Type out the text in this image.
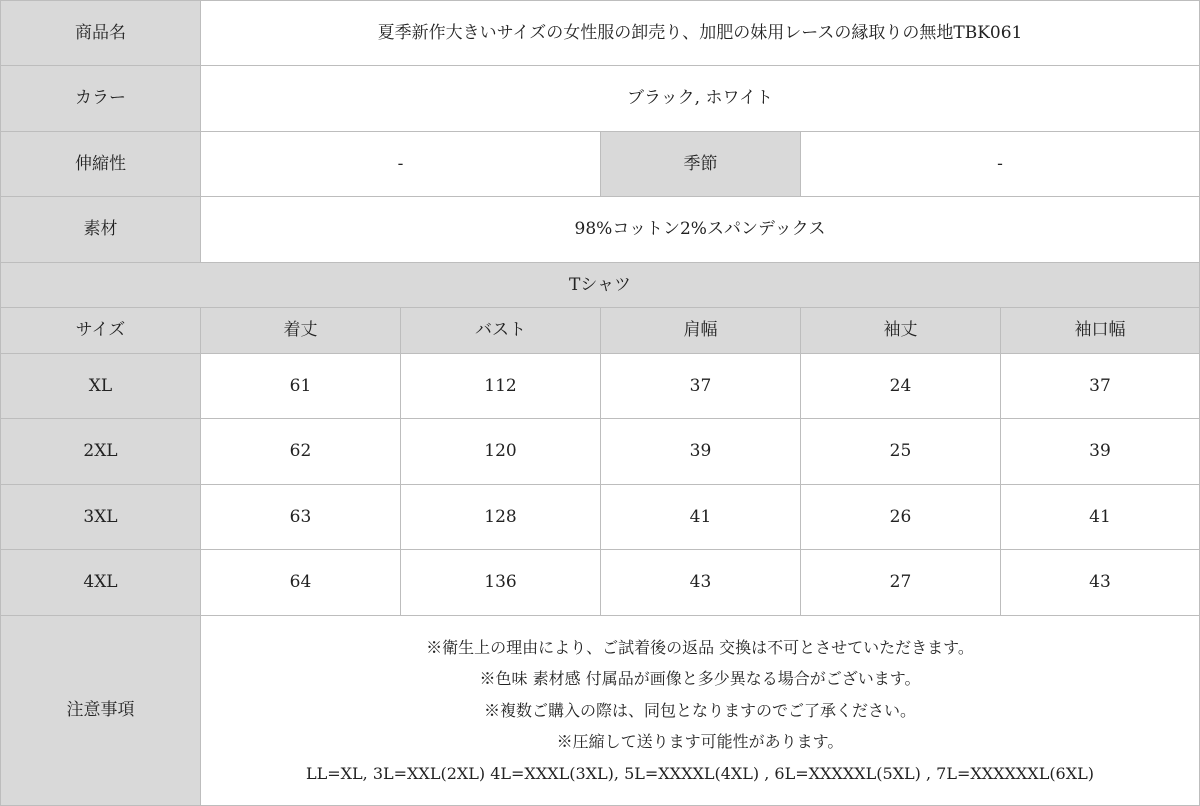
商品名	夏季新作大きいサイズの女性服の卸売り、加肥の妹用レースの縁取りの無地TBK061
カラー	ブラック, ホワイト
伸縮性	-	季節	-
素材	98%コットン2%スパンデックス
Tシャツ
サイズ	着丈	バスト	肩幅	袖丈	袖口幅
XL	61	112	37	24	37
2XL	62	120	39	25	39
3XL	63	128	41	26	41
4XL	64	136	43	27	43
注意事項
※衛生上の理由により、ご試着後の返品 交換は不可とさせていただきます。
※色味 素材感 付属品が画像と多少異なる場合がございます。
※複数ご購入の際は、同包となりますのでご了承ください。
※圧縮して送ります可能性があります。
LL=XL, 3L=XXL(2XL) 4L=XXXL(3XL), 5L=XXXXL(4XL) , 6L=XXXXXL(5XL) , 7L=XXXXXXL(6XL)
